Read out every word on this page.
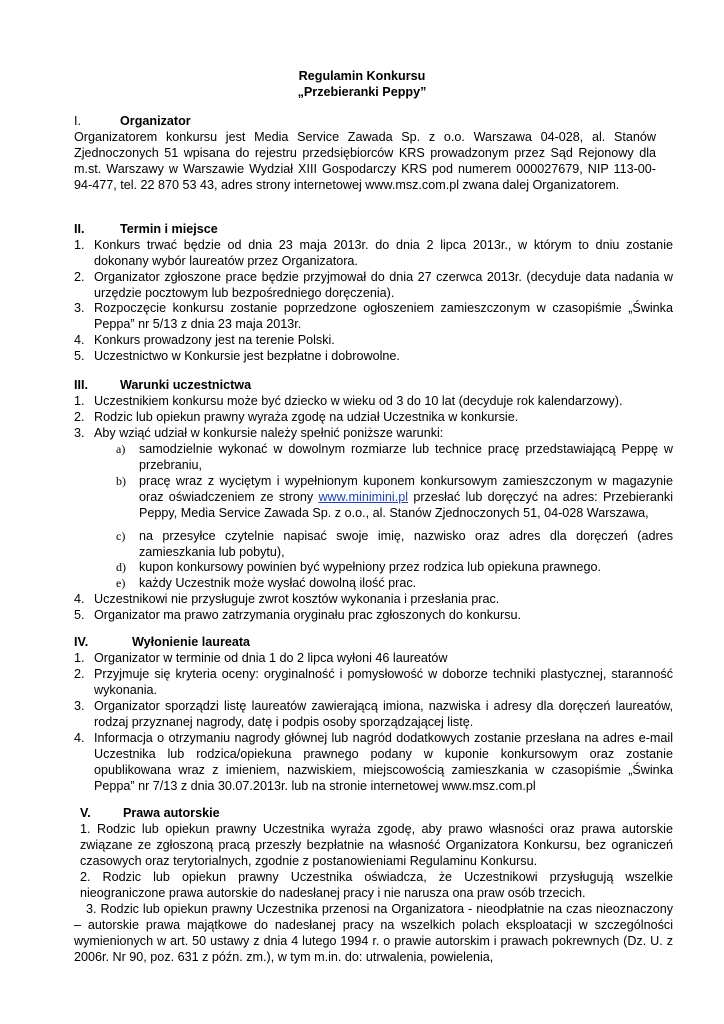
Regulamin Konkursu
„Przebieranki Peppy”
I.	Organizator
Organizatorem konkursu jest Media Service Zawada Sp. z o.o. Warszawa 04-028, al. Stanów Zjednoczonych 51 wpisana do rejestru przedsiębiorców KRS prowadzonym przez Sąd Rejonowy dla m.st. Warszawy w Warszawie Wydział XIII Gospodarczy KRS pod numerem 000027679, NIP 113-00-94-477, tel. 22 870 53 43, adres strony internetowej www.msz.com.pl zwana dalej Organizatorem.
II.	Termin i miejsce
1. Konkurs trwać będzie od dnia 23 maja 2013r. do dnia 2 lipca 2013r., w którym to dniu zostanie dokonany wybór laureatów przez Organizatora.
2. Organizator zgłoszone prace będzie przyjmował do dnia 27 czerwca 2013r. (decyduje data nadania w urzędzie pocztowym lub bezpośredniego doręczenia).
3. Rozpoczęcie konkursu zostanie poprzedzone ogłoszeniem zamieszczonym w czasopiśmie „Świnka Peppa” nr 5/13 z dnia 23 maja 2013r.
4. Konkurs prowadzony jest na terenie Polski.
5. Uczestnictwo w Konkursie jest bezpłatne i dobrowolne.
III.	Warunki uczestnictwa
1. Uczestnikiem konkursu może być dziecko w wieku od 3 do 10 lat (decyduje rok kalendarzowy).
2. Rodzic lub opiekun prawny wyraża zgodę na udział Uczestnika w konkursie.
3. Aby wziąć udział w konkursie należy spełnić poniższe warunki:
a) samodzielnie wykonać w dowolnym rozmiarze lub technice pracę przedstawiającą Peppę w przebraniu,
b) pracę wraz z wyciętym i wypełnionym kuponem konkursowym zamieszczonym w magazynie oraz oświadczeniem ze strony www.minimini.pl przesłać lub doręczyć na adres: Przebieranki Peppy, Media Service Zawada Sp. z o.o., al. Stanów Zjednoczonych 51, 04-028 Warszawa,
c) na przesyłce czytelnie napisać swoje imię, nazwisko oraz adres dla doręczeń (adres zamieszkania lub pobytu),
d) kupon konkursowy powinien być wypełniony przez rodzica lub opiekuna prawnego.
e) każdy Uczestnik może wysłać dowolną ilość prac.
4. Uczestnikowi nie przysługuje zwrot kosztów wykonania i przesłania prac.
5. Organizator ma prawo zatrzymania oryginału prac zgłoszonych do konkursu.
IV.	Wyłonienie laureata
1. Organizator w terminie od dnia 1 do 2 lipca wyłoni 46 laureatów
2. Przyjmuje się kryteria oceny: oryginalność i pomysłowość w doborze techniki plastycznej, staranność wykonania.
3. Organizator sporządzi listę laureatów zawierającą imiona, nazwiska i adresy dla doręczeń laureatów, rodzaj przyznanej nagrody, datę i podpis osoby sporządzającej listę.
4. Informacja o otrzymaniu nagrody głównej lub nagród dodatkowych zostanie przesłana na adres e-mail Uczestnika lub rodzica/opiekuna prawnego podany w kuponie konkursowym oraz zostanie opublikowana wraz z imieniem, nazwiskiem, miejscowością zamieszkania w czasopiśmie „Świnka Peppa” nr 7/13 z dnia 30.07.2013r. lub na stronie internetowej www.msz.com.pl
V.	Prawa autorskie
1. Rodzic lub opiekun prawny Uczestnika wyraża zgodę, aby prawo własności oraz prawa autorskie związane ze zgłoszoną pracą przeszły bezpłatnie na własność Organizatora Konkursu, bez ograniczeń czasowych oraz terytorialnych, zgodnie z postanowieniami Regulaminu Konkursu.
2. Rodzic lub opiekun prawny Uczestnika oświadcza, że Uczestnikowi przysługują wszelkie nieograniczone prawa autorskie do nadesłanej pracy i nie narusza ona praw osób trzecich.
3. Rodzic lub opiekun prawny Uczestnika przenosi na Organizatora - nieodpłatnie na czas nieoznaczony – autorskie prawa majątkowe do nadesłanej pracy na wszelkich polach eksploatacji w szczególności wymienionych w art. 50 ustawy z dnia 4 lutego 1994 r. o prawie autorskim i prawach pokrewnych (Dz. U. z 2006r. Nr 90, poz. 631 z późn. zm.), w tym m.in. do: utrwalenia, powielenia,
